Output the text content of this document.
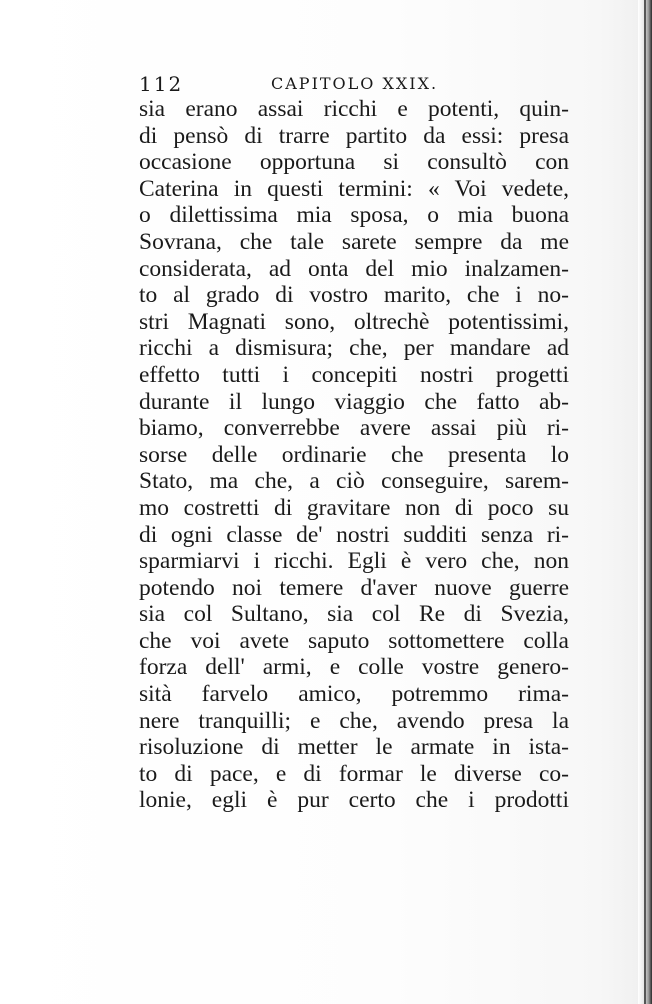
112	CAPITOLO XXIX.
sia erano assai ricchi e potenti, quin-
di pensò di trarre partito da essi: presa
occasione opportuna si consultò con
Caterina in questi termini: « Voi vedete,
o dilettissima mia sposa, o mia buona
Sovrana, che tale sarete sempre da me
considerata, ad onta del mio inalzamen-
to al grado di vostro marito, che i no-
stri Magnati sono, oltrechè potentissimi,
ricchi a dismisura; che, per mandare ad
effetto tutti i concepiti nostri progetti
durante il lungo viaggio che fatto ab-
biamo, converrebbe avere assai più ri-
sorse delle ordinarie che presenta lo
Stato, ma che, a ciò conseguire, sarem-
mo costretti di gravitare non di poco su
di ogni classe de' nostri sudditi senza ri-
sparmiarvi i ricchi. Egli è vero che, non
potendo noi temere d'aver nuove guerre
sia col Sultano, sia col Re di Svezia,
che voi avete saputo sottomettere colla
forza dell' armi, e colle vostre genero-
sità farvelo amico, potremmo rima-
nere tranquilli; e che, avendo presa la
risoluzione di metter le armate in ista-
to di pace, e di formar le diverse co-
lonie, egli è pur certo che i prodotti
